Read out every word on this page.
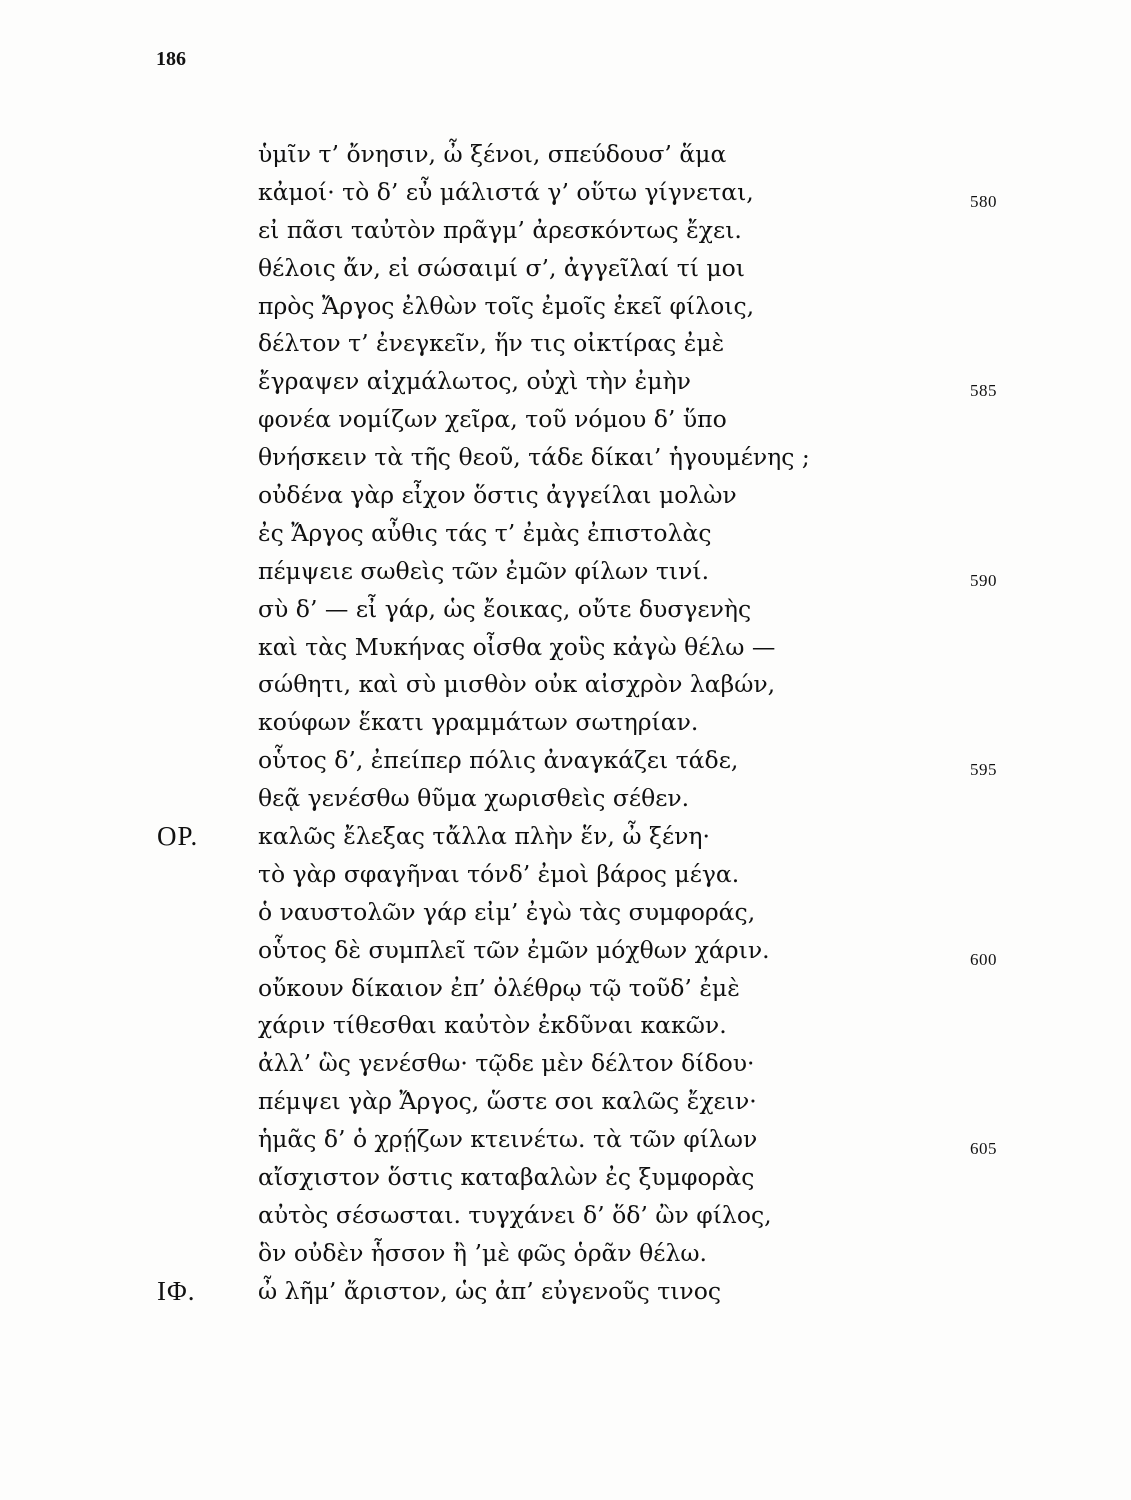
186
ὑμῖν τ’ ὄνησιν, ὦ ξένοι, σπεύδουσ’ ἅμα
κἀμοί· τὸ δ’ εὖ μάλιστά γ’ οὕτω γίγνεται,	580
εἰ πᾶσι ταὐτὸν πρᾶγμ’ ἀρεσκόντως ἔχει.
θέλοις ἄν, εἰ σώσαιμί σ’, ἀγγεῖλαί τί μοι
πρὸς Ἄργος ἐλθὼν τοῖς ἐμοῖς ἐκεῖ φίλοις,
δέλτον τ’ ἐνεγκεῖν, ἥν τις οἰκτίρας ἐμὲ
ἔγραψεν αἰχμάλωτος, οὐχὶ τὴν ἐμὴν	585
φονέα νομίζων χεῖρα, τοῦ νόμου δ’ ὕπο
θνήσκειν τὰ τῆς θεοῦ, τάδε δίκαι’ ἡγουμένης ;
οὐδένα γὰρ εἶχον ὅστις ἀγγείλαι μολὼν
ἐς Ἄργος αὖθις τάς τ’ ἐμὰς ἐπιστολὰς
πέμψειε σωθεὶς τῶν ἐμῶν φίλων τινί.	590
σὺ δ’ — εἶ γάρ, ὡς ἔοικας, οὔτε δυσγενὴς
καὶ τὰς Μυκήνας οἶσθα χοὓς κἀγὼ θέλω —
σώθητι, καὶ σὺ μισθὸν οὐκ αἰσχρὸν λαβών,
κούφων ἕκατι γραμμάτων σωτηρίαν.
οὗτος δ’, ἐπείπερ πόλις ἀναγκάζει τάδε,	595
θεᾷ γενέσθω θῦμα χωρισθεὶς σέθεν.
ΟΡ.	καλῶς ἔλεξας τἄλλα πλὴν ἕν, ὦ ξένη·
τὸ γὰρ σφαγῆναι τόνδ’ ἐμοὶ βάρος μέγα.
ὁ ναυστολῶν γάρ εἰμ’ ἐγὼ τὰς συμφοράς,
οὗτος δὲ συμπλεῖ τῶν ἐμῶν μόχθων χάριν.	600
οὔκουν δίκαιον ἐπ’ ὀλέθρῳ τῷ τοῦδ’ ἐμὲ
χάριν τίθεσθαι καὐτὸν ἐκδῦναι κακῶν.
ἀλλ’ ὣς γενέσθω· τῷδε μὲν δέλτον δίδου·
πέμψει γὰρ Ἄργος, ὥστε σοι καλῶς ἔχειν·
ἡμᾶς δ’ ὁ χρῄζων κτεινέτω. τὰ τῶν φίλων	605
αἴσχιστον ὅστις καταβαλὼν ἐς ξυμφορὰς
αὐτὸς σέσωσται. τυγχάνει δ’ ὅδ’ ὢν φίλος,
ὃν οὐδὲν ἧσσον ἢ ’μὲ φῶς ὁρᾶν θέλω.
ΙΦ.	ὦ λῆμ’ ἄριστον, ὡς ἀπ’ εὐγενοῦς τινος
